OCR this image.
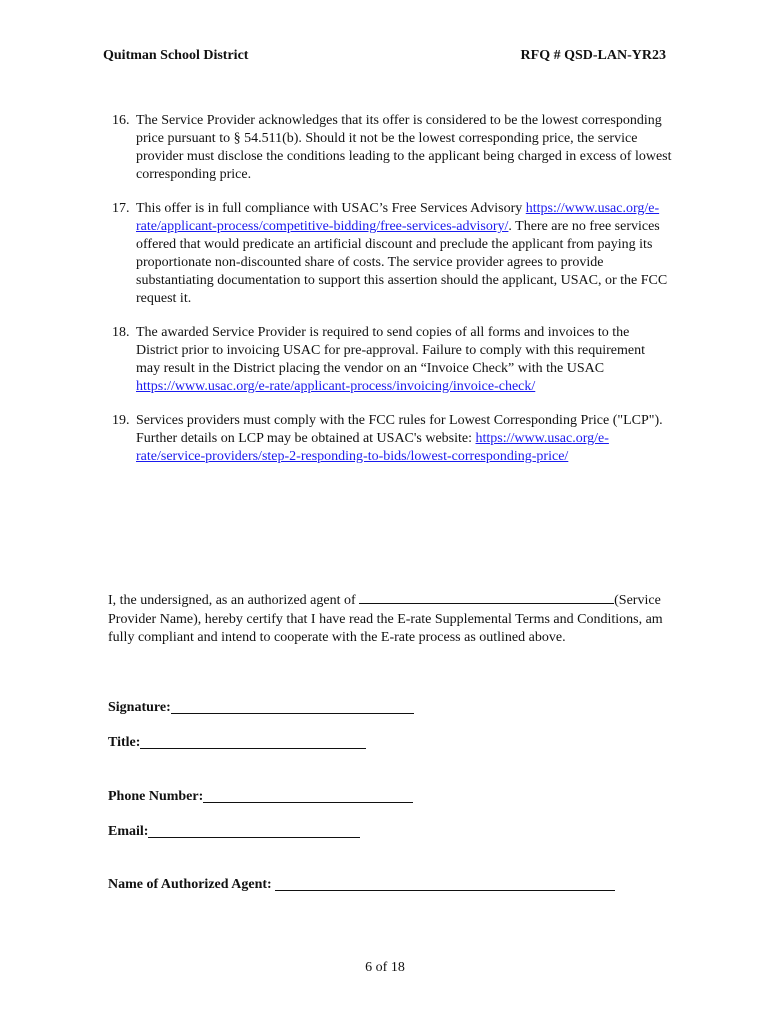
Quitman School District	RFQ # QSD-LAN-YR23
16. The Service Provider acknowledges that its offer is considered to be the lowest corresponding price pursuant to § 54.511(b). Should it not be the lowest corresponding price, the service provider must disclose the conditions leading to the applicant being charged in excess of lowest corresponding price.
17. This offer is in full compliance with USAC’s Free Services Advisory https://www.usac.org/e-rate/applicant-process/competitive-bidding/free-services-advisory/. There are no free services offered that would predicate an artificial discount and preclude the applicant from paying its proportionate non-discounted share of costs. The service provider agrees to provide substantiating documentation to support this assertion should the applicant, USAC, or the FCC request it.
18. The awarded Service Provider is required to send copies of all forms and invoices to the District prior to invoicing USAC for pre-approval. Failure to comply with this requirement may result in the District placing the vendor on an “Invoice Check” with the USAC https://www.usac.org/e-rate/applicant-process/invoicing/invoice-check/
19. Services providers must comply with the FCC rules for Lowest Corresponding Price ("LCP"). Further details on LCP may be obtained at USAC's website: https://www.usac.org/e-rate/service-providers/step-2-responding-to-bids/lowest-corresponding-price/
I, the undersigned, as an authorized agent of	(Service Provider Name), hereby certify that I have read the E-rate Supplemental Terms and Conditions, am fully compliant and intend to cooperate with the E-rate process as outlined above.
Signature:
Title:
Phone Number:
Email:
Name of Authorized Agent:
6 of 18
